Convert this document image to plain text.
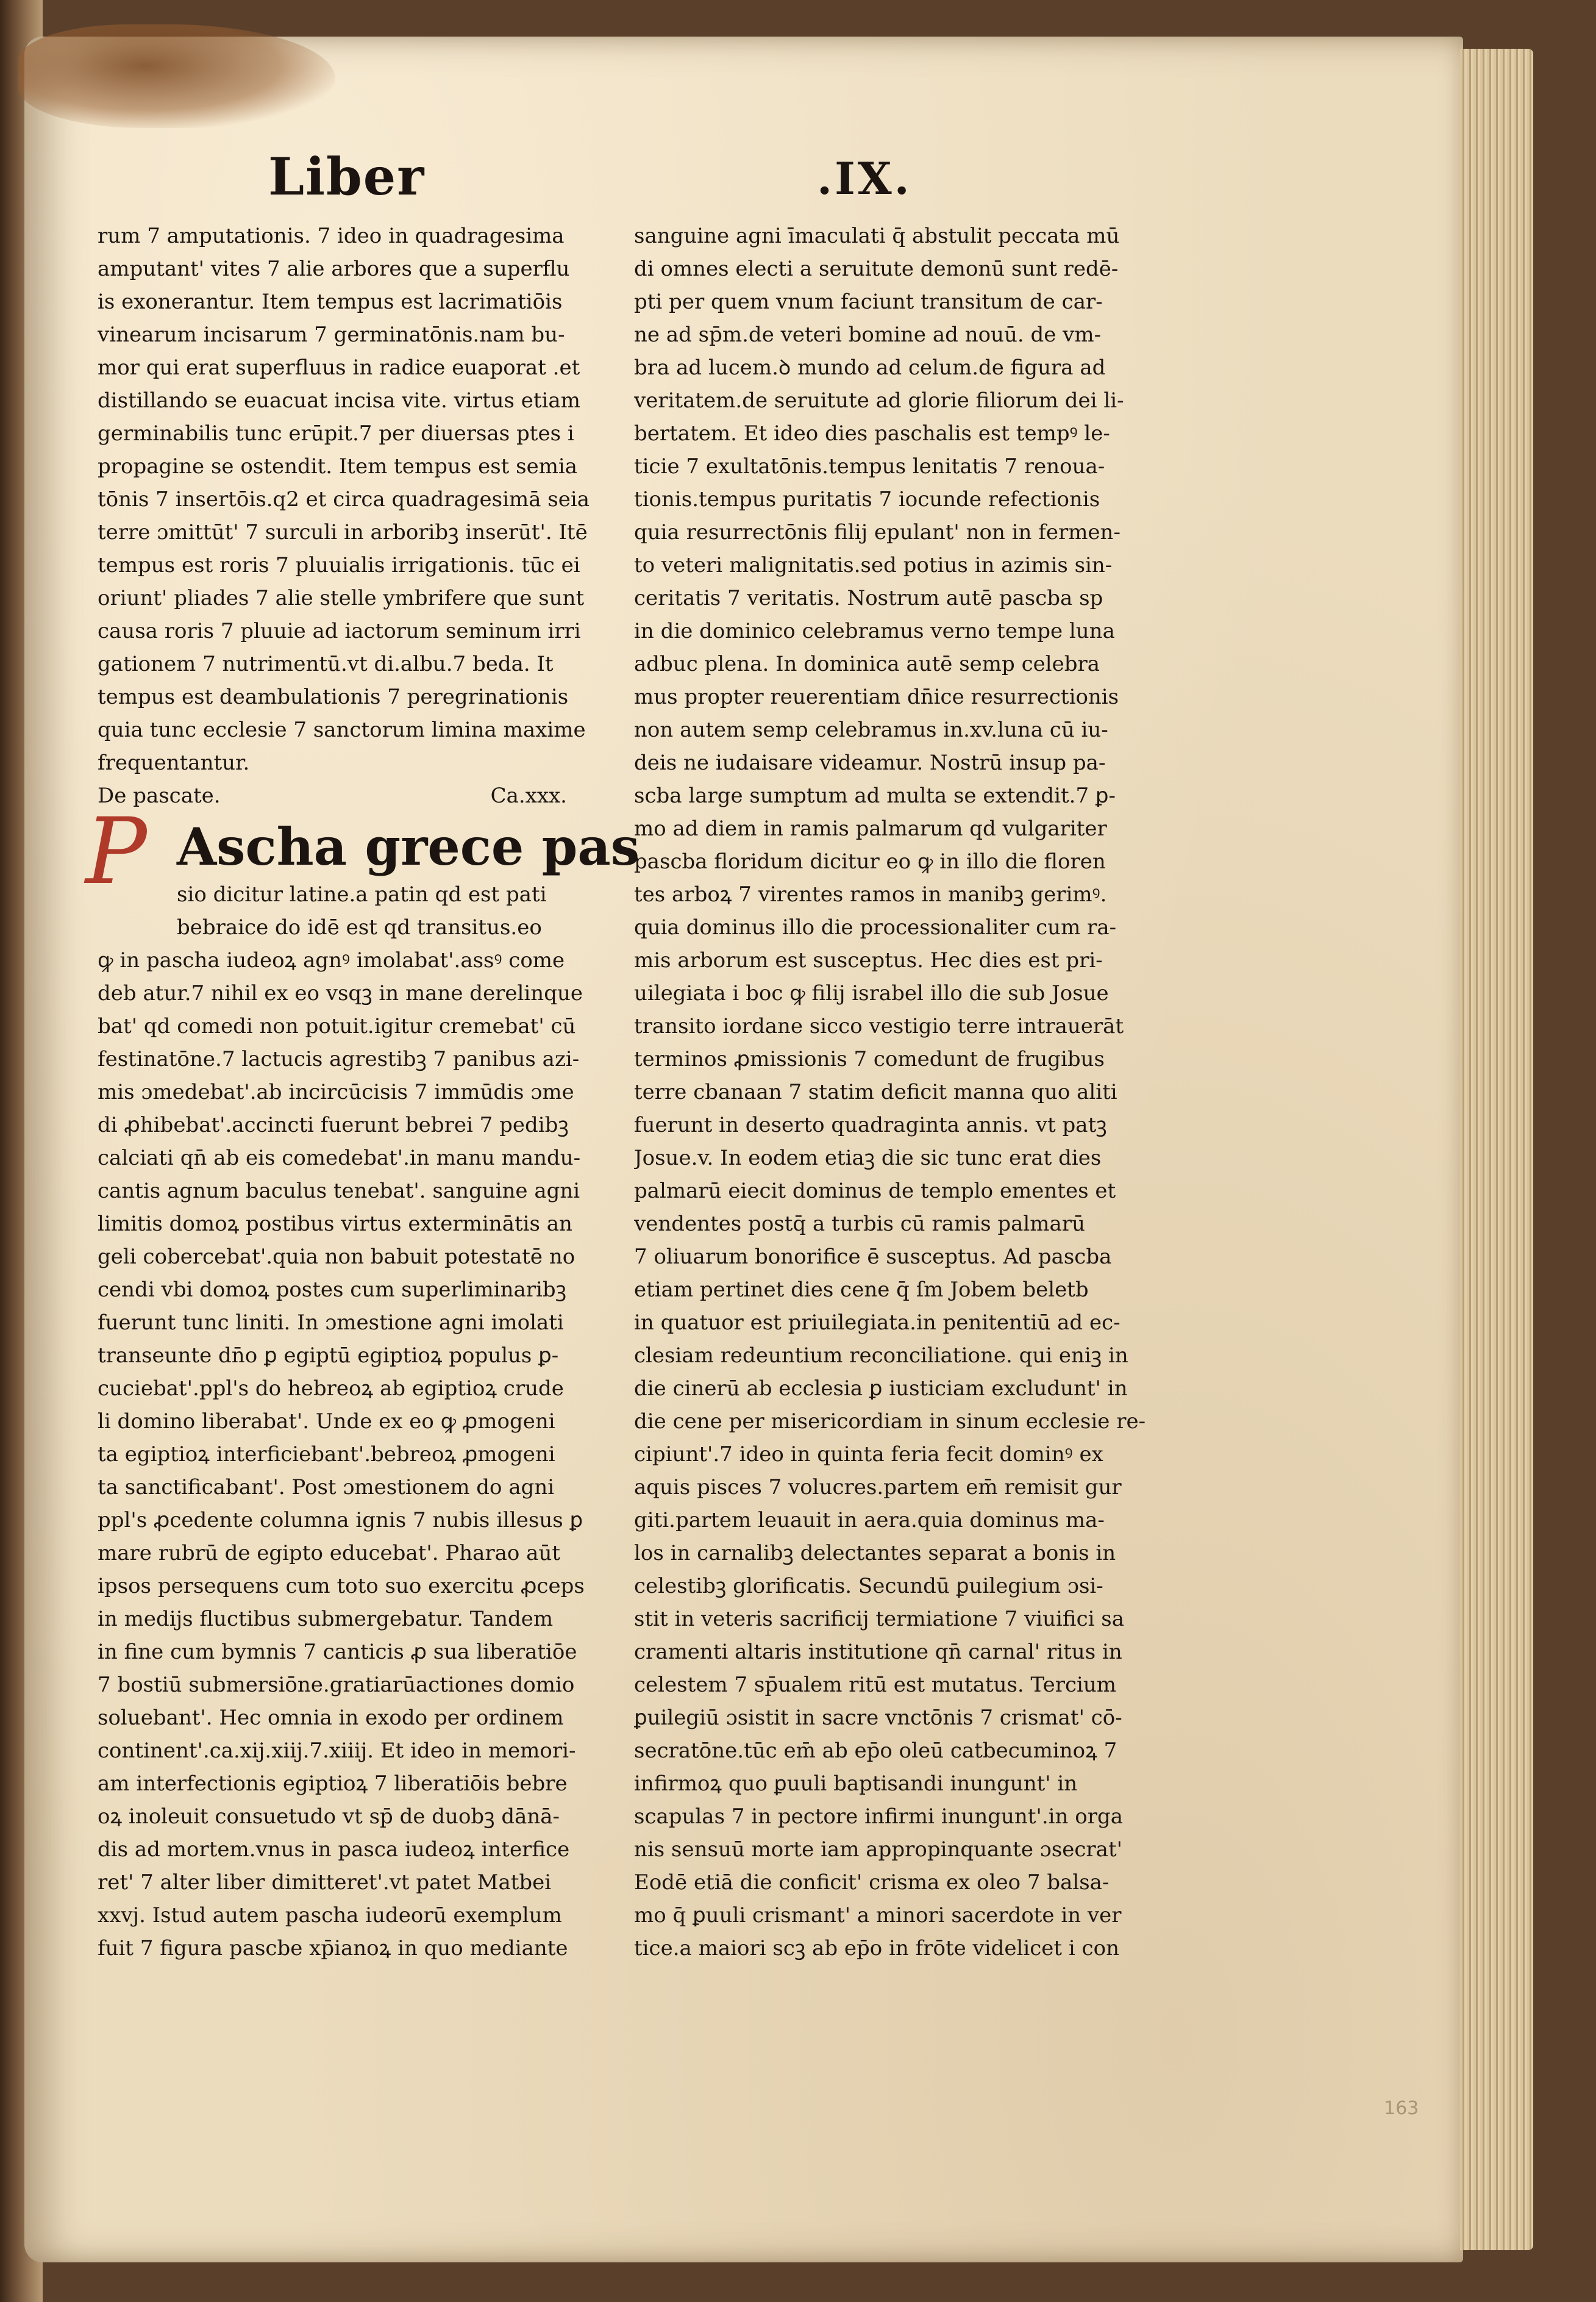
Liber	.IX.
rum 7 amputationis. 7 ideo in quadragesima
amputant' vites 7 alie arbores que a superflu
is exonerantur. Item tempus est lacrimatiōis
vinearum incisarum 7 germinatōnis.nam bu-
mor qui erat superfluus in radice euaporat .et
distillando se euacuat incisa vite. virtus etiam
germinabilis tunc erūpit.7 per diuersas ptes i
propagine se ostendit. Item tempus est semia
tōnis 7 insertōis.q2 et circa quadragesimā seia
terre ɔmittūt' 7 surculi in arboribꝫ inserūt'. Itē
tempus est roris 7 pluuialis irrigationis. tūc ei
oriunt' pliades 7 alie stelle ymbrifere que sunt
causa roris 7 pluuie ad iactorum seminum irri
gationem 7 nutrimentū.vt di.albu.7 beda. It
tempus est deambulationis 7 peregrinationis
quia tunc ecclesie 7 sanctorum limina maxime
frequentantur.
De pascate.	Ca.xxx.
P Ascha grece pas
sio dicitur latine.a patin qd est pati
bebraice do idē est qd transitus.eo
ꝙ in pascha iudeoꝝ agnꝰ imolabat'.assꝰ come
deb atur.7 nihil ex eo vsqꝫ in mane derelinque
bat' qd comedi non potuit.igitur cremebat' cū
festinatōne.7 lactucis agrestibꝫ 7 panibus azi-
mis ɔmedebat'.ab incircūcisis 7 immūdis ɔme
di ꝓhibebat'.accincti fuerunt bebrei 7 pedibꝫ
calciati qn̄ ab eis comedebat'.in manu mandu-
cantis agnum baculus tenebat'. sanguine agni
limitis domoꝝ postibus virtus exterminātis an
geli cobercebat'.quia non babuit potestatē no
cendi vbi domoꝝ postes cum superliminaribꝫ
fuerunt tunc liniti. In ɔmestione agni imolati
transeunte dn̄o ꝑ egiptū egiptioꝝ populus ꝑ-
cuciebat'.ppl's do hebreoꝝ ab egiptioꝝ crude
li domino liberabat'. Unde ex eo ꝙ ꝓmogeni
ta egiptioꝝ interficiebant'.bebreoꝝ ꝓmogeni
ta sanctificabant'. Post ɔmestionem do agni
ppl's ꝓcedente columna ignis 7 nubis illesus ꝑ
mare rubrū de egipto educebat'. Pharao aūt
ipsos persequens cum toto suo exercitu ꝓceps
in medijs fluctibus submergebatur. Tandem
in fine cum bymnis 7 canticis ꝓ sua liberatiōe
7 bostiū submersiōne.gratiarūactiones domio
soluebant'. Hec omnia in exodo per ordinem
continent'.ca.xij.xiij.7.xiiij. Et ideo in memori-
am interfectionis egiptioꝝ 7 liberatiōis bebre
oꝝ inoleuit consuetudo vt sp̄ de duobꝫ dānā-
dis ad mortem.vnus in pasca iudeoꝝ interfice
ret' 7 alter liber dimitteret'.vt patet Matbei
xxvj. Istud autem pascha iudeorū exemplum
fuit 7 figura pascbe xp̄ianoꝝ in quo mediante
sanguine agni īmaculati q̄ abstulit peccata mū
di omnes electi a seruitute demonū sunt redē-
pti per quem vnum faciunt transitum de car-
ne ad sp̄m.de veteri bomine ad nouū. de vm-
bra ad lucem.ꝺ mundo ad celum.de figura ad
veritatem.de seruitute ad glorie filiorum dei li-
bertatem. Et ideo dies paschalis est tempꝰ le-
ticie 7 exultatōnis.tempus lenitatis 7 renoua-
tionis.tempus puritatis 7 iocunde refectionis
quia resurrectōnis filij epulant' non in fermen-
to veteri malignitatis.sed potius in azimis sin-
ceritatis 7 veritatis. Nostrum autē pascba sp
in die dominico celebramus verno tempe luna
adbuc plena. In dominica autē semp celebra
mus propter reuerentiam dn̄ice resurrectionis
non autem semp celebramus in.xv.luna cū iu-
deis ne iudaisare videamur. Nostrū insup pa-
scba large sumptum ad multa se extendit.7 ꝑ-
mo ad diem in ramis palmarum qd vulgariter
pascba floridum dicitur eo ꝙ in illo die floren
tes arboꝝ 7 virentes ramos in manibꝫ gerimꝰ.
quia dominus illo die processionaliter cum ra-
mis arborum est susceptus. Hec dies est pri-
uilegiata i boc ꝙ filij israbel illo die sub Josue
transito iordane sicco vestigio terre intrauerāt
terminos ꝓmissionis 7 comedunt de frugibus
terre cbanaan 7 statim deficit manna quo aliti
fuerunt in deserto quadraginta annis. vt patꝫ
Josue.v. In eodem etiaꝫ die sic tunc erat dies
palmarū eiecit dominus de templo ementes et
vendentes postq̄ a turbis cū ramis palmarū
7 oliuarum bonorifice ē susceptus. Ad pascba
etiam pertinet dies cene q̄ ſm Jobem beletb
in quatuor est priuilegiata.in penitentiū ad ec-
clesiam redeuntium reconciliatione. qui eniꝫ in
die cinerū ab ecclesia ꝑ iusticiam excludunt' in
die cene per misericordiam in sinum ecclesie re-
cipiunt'.7 ideo in quinta feria fecit dominꝰ ex
aquis pisces 7 volucres.partem em̄ remisit gur
giti.partem leuauit in aera.quia dominus ma-
los in carnalibꝫ delectantes separat a bonis in
celestibꝫ glorificatis. Secundū ꝑuilegium ɔsi-
stit in veteris sacrificij termiatione 7 viuifici sa
cramenti altaris institutione qn̄ carnal' ritus in
celestem 7 sp̄ualem ritū est mutatus. Tercium
ꝑuilegiū ɔsistit in sacre vnctōnis 7 crismat' cō-
secratōne.tūc em̄ ab ep̄o oleū catbecuminoꝝ 7
infirmoꝝ quo ꝑuuli baptisandi inungunt' in
scapulas 7 in pectore infirmi inungunt'.in orga
nis sensuū morte iam appropinquante ɔsecrat'
Eodē etiā die conficit' crisma ex oleo 7 balsa-
mo q̄ ꝑuuli crismant' a minori sacerdote in ver
tice.a maiori scꝫ ab ep̄o in frōte videlicet i con
163
